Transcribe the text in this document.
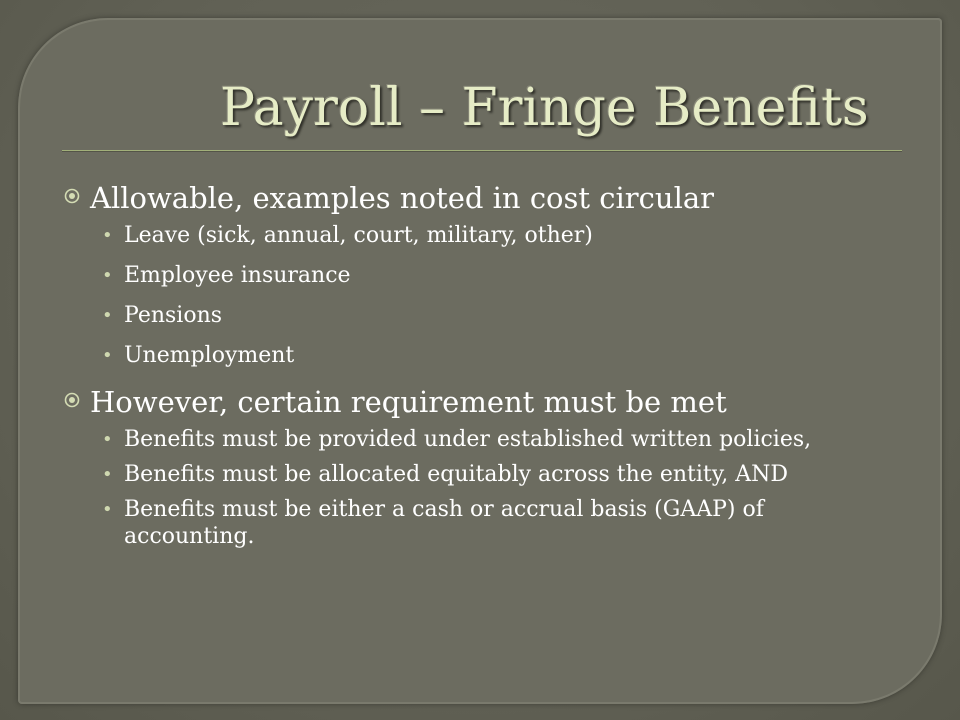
Payroll – Fringe Benefits
Allowable, examples noted in cost circular
• Leave (sick, annual, court, military, other)
• Employee insurance
• Pensions
• Unemployment
However, certain requirement must be met
• Benefits must be provided under established written policies,
• Benefits must be allocated equitably across the entity, AND
• Benefits must be either a cash or accrual basis (GAAP) of accounting.
